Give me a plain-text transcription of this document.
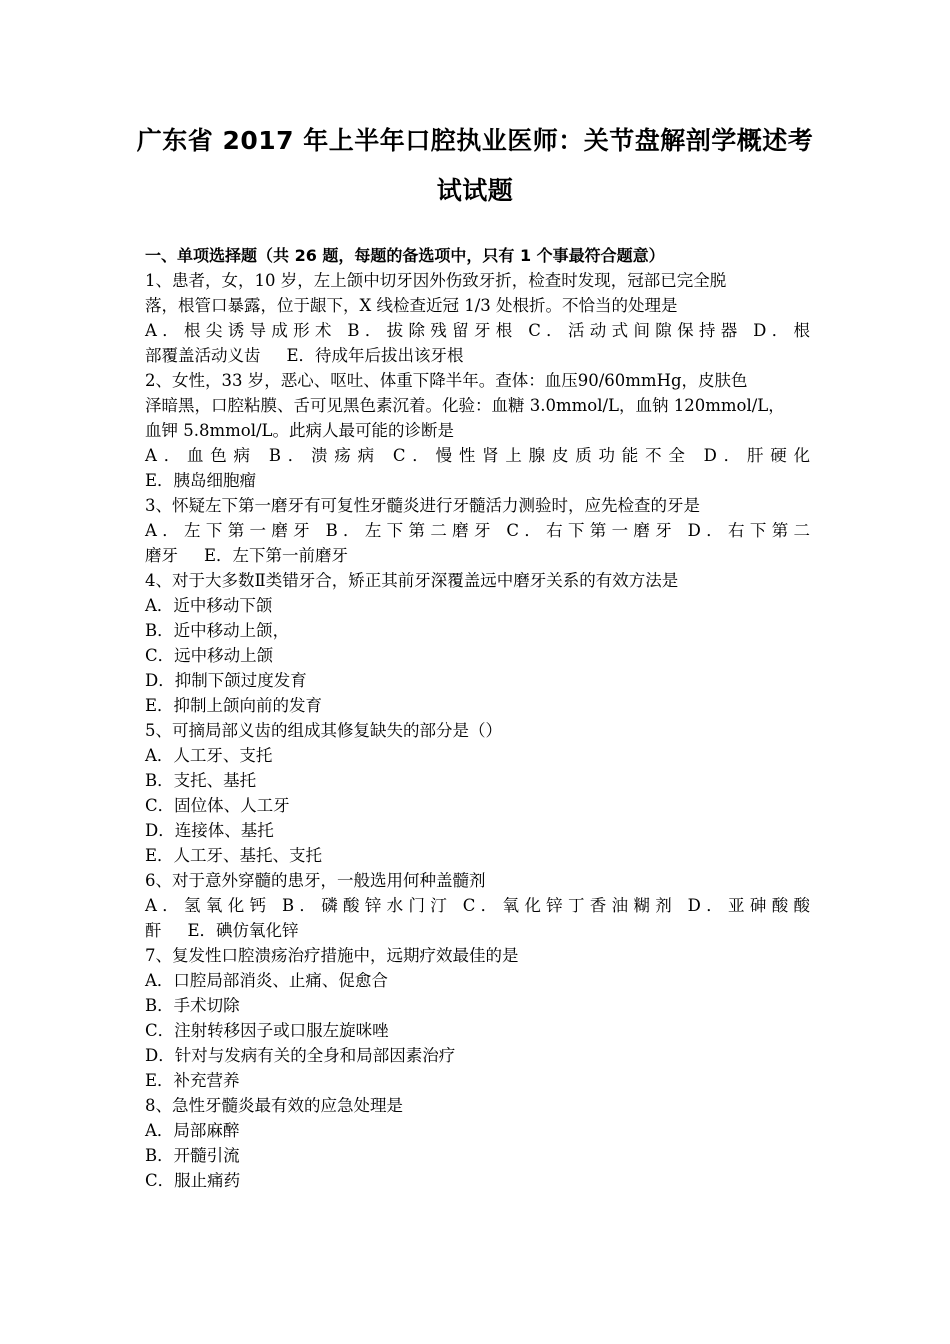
广东省 2017 年上半年口腔执业医师：关节盘解剖学概述考
试试题
一、单项选择题（共 26 题，每题的备选项中，只有 1 个事最符合题意）
1、患者，女，10 岁，左上颌中切牙因外伤致牙折，检查时发现，冠部已完全脱
落，根管口暴露，位于龈下，X 线检查近冠 1/3 处根折。不恰当的处理是
A．根尖诱导成形术 B．拔除残留牙根 C．活动式间隙保持器 D．根
部覆盖活动义齿 E．待成年后拔出该牙根
2、女性，33 岁，恶心、呕吐、体重下降半年。查体：血压90/60mmHg，皮肤色
泽暗黑，口腔粘膜、舌可见黑色素沉着。化验：血糖 3.0mmol/L，血钠 120mmol/L，
血钾 5.8mmol/L。此病人最可能的诊断是
A．血色病 B．溃疡病 C．慢性肾上腺皮质功能不全 D．肝硬化
E．胰岛细胞瘤
3、怀疑左下第一磨牙有可复性牙髓炎进行牙髓活力测验时，应先检查的牙是
A．左下第一磨牙 B．左下第二磨牙 C．右下第一磨牙 D．右下第二
磨牙 E．左下第一前磨牙
4、对于大多数Ⅱ类错牙合，矫正其前牙深覆盖远中磨牙关系的有效方法是
A．近中移动下颌
B．近中移动上颌，
C．远中移动上颌
D．抑制下颌过度发育
E．抑制上颌向前的发育
5、可摘局部义齿的组成其修复缺失的部分是（）
A．人工牙、支托
B．支托、基托
C．固位体、人工牙
D．连接体、基托
E．人工牙、基托、支托
6、对于意外穿髓的患牙，一般选用何种盖髓剂
A．氢氧化钙 B．磷酸锌水门汀 C．氧化锌丁香油糊剂 D．亚砷酸酸
酐 E．碘仿氧化锌
7、复发性口腔溃疡治疗措施中，远期疗效最佳的是
A．口腔局部消炎、止痛、促愈合
B．手术切除
C．注射转移因子或口服左旋咪唑
D．针对与发病有关的全身和局部因素治疗
E．补充营养
8、急性牙髓炎最有效的应急处理是
A．局部麻醉
B．开髓引流
C．服止痛药
